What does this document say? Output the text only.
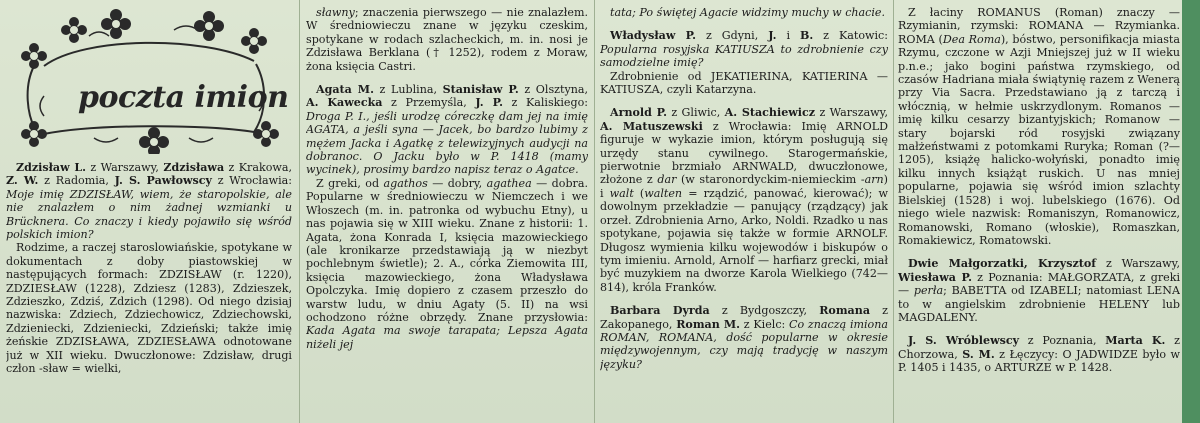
poczta imion

Zdzisław L. z Warszawy, Zdzisława z Krakowa, Z. W. z Radomia, J. S. Pawłowscy z Wrocławia: Moje imię ZDZISŁAW, wiem, że staropolskie, ale nie znalazłem o nim żadnej wzmianki u Brücknera. Co znaczy i kiedy pojawiło się wśród polskich imion?

Rodzime, a raczej staroslowiańskie, spotykane w dokumentach z doby piastowskiej w następujących formach: ZDZISŁAW (r. 1220), ZDZIESŁAW (1228), Zdziesz (1283), Zdzieszek, Zdzieszko, Zdziś, Zdzich (1298). Od niego dzisiaj nazwiska: Zdziech, Zdziechowicz, Zdziechowski, Zdzieniecki, Zdzieniecki, Zdzieński; także imię żeńskie ZDZISŁAWA, ZDZIESŁAWA odnotowane już w XII wieku. Dwuczłonowe: Zdzisław, drugi człon -sław = wielki,

sławny; znaczenia pierwszego — nie znalazłem. W średniowieczu znane w języku czeskim, spotykane w rodach szlacheckich, m. in. nosi je Zdzisława Berklana († 1252), rodem z Moraw, żona księcia Castri.

Agata M. z Lublina, Stanisław P. z Olsztyna, A. Kawecka z Przemyśla, J. P. z Kaliskiego: Droga P. I., jeśli urodzę córeczkę dam jej na imię AGATA, a jeśli syna — Jacek, bo bardzo lubimy z mężem Jacka i Agatkę z telewizyjnych audycji na dobranoc. O Jacku było w P. 1418 (mamy wycinek), prosimy bardzo napisz teraz o Agatce.

Z greki, od agathos — dobry, agathea — dobra. Popularne w średniowieczu w Niemczech i we Włoszech (m. in. patronka od wybuchu Etny), u nas pojawia się w XIII wieku. Znane z historii: 1. Agata, żona Konrada I, księcia mazowieckiego (ale kronikarze przedstawiają ją w niezbyt pochlebnym świetle); 2. A., córka Ziemowita III, księcia mazowieckiego, żona Władysława Opolczyka. Imię dopiero z czasem przeszło do warstw ludu, w dniu Agaty (5. II) na wsi ochodzono różne obrzędy. Znane przysłowia: Kada Agata ma swoje tarapata; Lepsza Agata niżeli jej

tata; Po świętej Agacie widzimy muchy w chacie.

Władysław P. z Gdyni, J. i B. z Katowic: Popularna rosyjska KATIUSZA to zdrobnienie czy samodzielne imię?

Zdrobnienie od JEKATIERINA, KATIERINA — KATIUSZA, czyli Katarzyna.

Arnold P. z Gliwic, A. Stachiewicz z Warszawy, A. Matuszewski z Wrocławia: Imię ARNOLD figuruje w wykazie imion, którym posługują się urzędy stanu cywilnego. Starogermańskie, pierwotnie brzmiało ARNWALD, dwuczłonowe, złożone z dar (w staronordyckim-niemieckim -arn) i walt (walten = rządzić, panować, kierować); w dowolnym przekładzie — panujący (rządzący) jak orzeł. Zdrobnienia Arno, Arko, Noldi. Rzadko u nas spotykane, pojawia się także w formie ARNOLF. Długosz wymienia kilku wojewodów i biskupów o tym imieniu. Arnold, Arnolf — harfiarz grecki, miał być muzykiem na dworze Karola Wielkiego (742—814), króla Franków.

Barbara Dyrda z Bydgoszczy, Romana z Zakopanego, Roman M. z Kielc: Co znaczą imiona ROMAN, ROMANA, dość popularne w okresie międzywojennym, czy mają tradycję w naszym języku?

Z łaciny ROMANUS (Roman) znaczy — Rzymianin, rzymski: ROMANA — Rzymianka. ROMA (Dea Roma), bóstwo, personifikacja miasta Rzymu, czczone w Azji Mniejszej już w II wieku p.n.e.; jako bogini państwa rzymskiego, od czasów Hadriana miała świątynię razem z Wenerą przy Via Sacra. Przedstawiano ją z tarczą i włócznią, w hełmie uskrzydlonym. Romanos — imię kilku cesarzy bizantyjskich; Romanow — stary bojarski ród rosyjski związany małżeństwami z potomkami Ruryka; Roman (?—1205), książę halicko-wołyński, ponadto imię kilku innych książąt ruskich. U nas mniej popularne, pojawia się wśród imion szlachty Bielskiej (1528) i woj. lubelskiego (1676). Od niego wiele nazwisk: Romaniszyn, Romanowicz, Romanowski, Romano (włoskie), Romaszkan, Romakiewicz, Romatowski.

Dwie Małgorzatki, Krzysztof z Warszawy, Wiesława P. z Poznania: MAŁGORZATA, z greki — perła; BABETTA od IZABELI; natomiast LENA to w angielskim zdrobnienie HELENY lub MAGDALENY.

J. S. Wróblewscy z Poznania, Marta K. z Chorzowa, S. M. z Łęczycy: O JADWIDZE było w P. 1405 i 1435, o ARTURZE w P. 1428.
